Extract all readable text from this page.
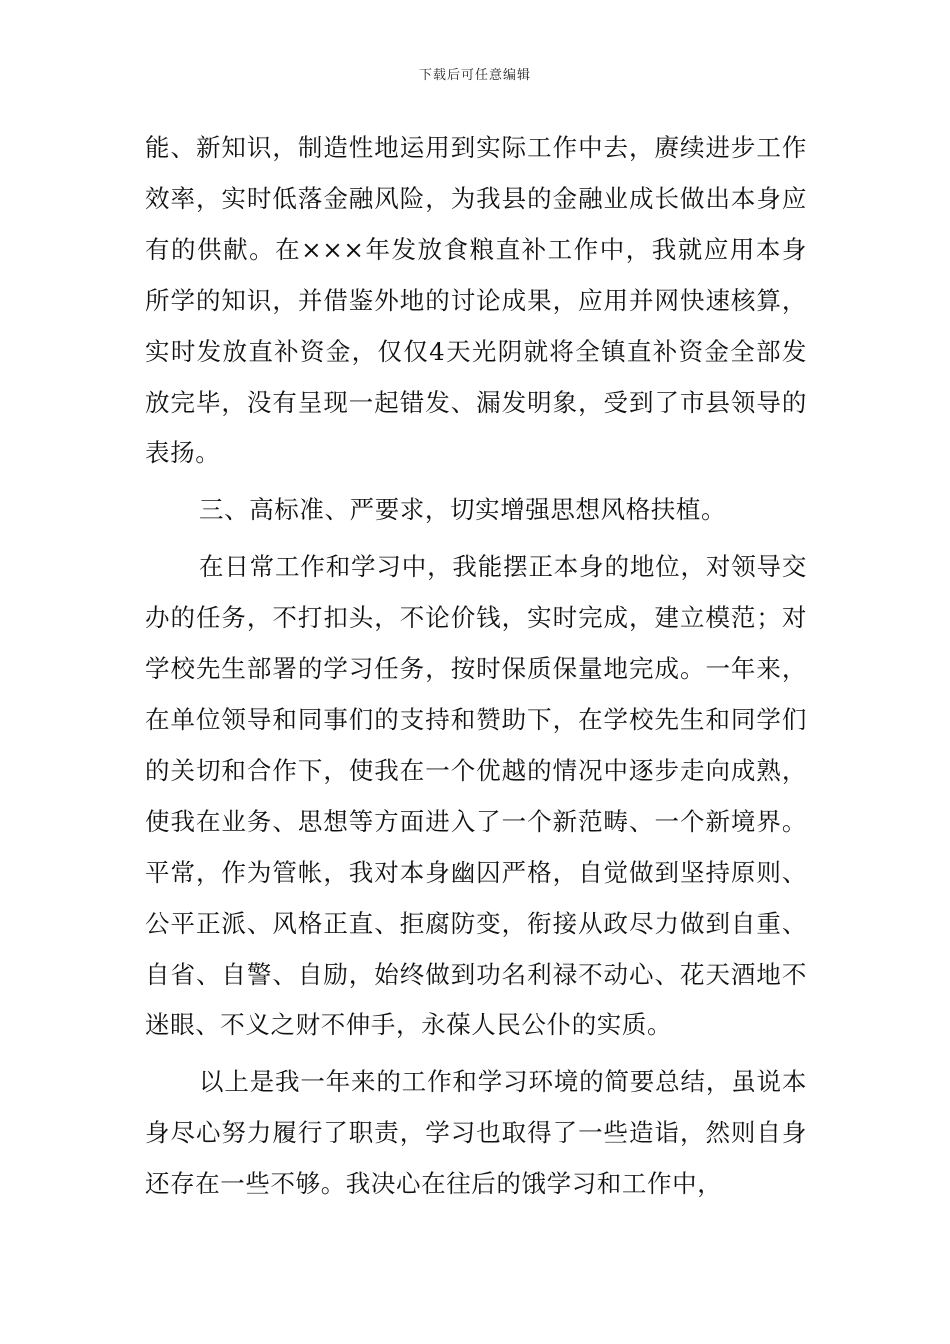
下载后可任意编辑

能、新知识，制造性地运用到实际工作中去，赓续进步工作效率，实时低落金融风险，为我县的金融业成长做出本身应有的供献。在×××年发放食粮直补工作中，我就应用本身所学的知识，并借鉴外地的讨论成果，应用并网快速核算，实时发放直补资金，仅仅4天光阴就将全镇直补资金全部发放完毕，没有呈现一起错发、漏发明象，受到了市县领导的表扬。

三、高标准、严要求，切实增强思想风格扶植。

在日常工作和学习中，我能摆正本身的地位，对领导交办的任务，不打扣头，不论价钱，实时完成，建立模范；对学校先生部署的学习任务，按时保质保量地完成。一年来，在单位领导和同事们的支持和赞助下，在学校先生和同学们的关切和合作下，使我在一个优越的情况中逐步走向成熟，使我在业务、思想等方面进入了一个新范畴、一个新境界。平常，作为管帐，我对本身幽囚严格，自觉做到坚持原则、公平正派、风格正直、拒腐防变，衔接从政尽力做到自重、自省、自警、自励，始终做到功名利禄不动心、花天酒地不迷眼、不义之财不伸手，永葆人民公仆的实质。

以上是我一年来的工作和学习环境的简要总结，虽说本身尽心努力履行了职责，学习也取得了一些造诣，然则自身还存在一些不够。我决心在往后的饿学习和工作中，
